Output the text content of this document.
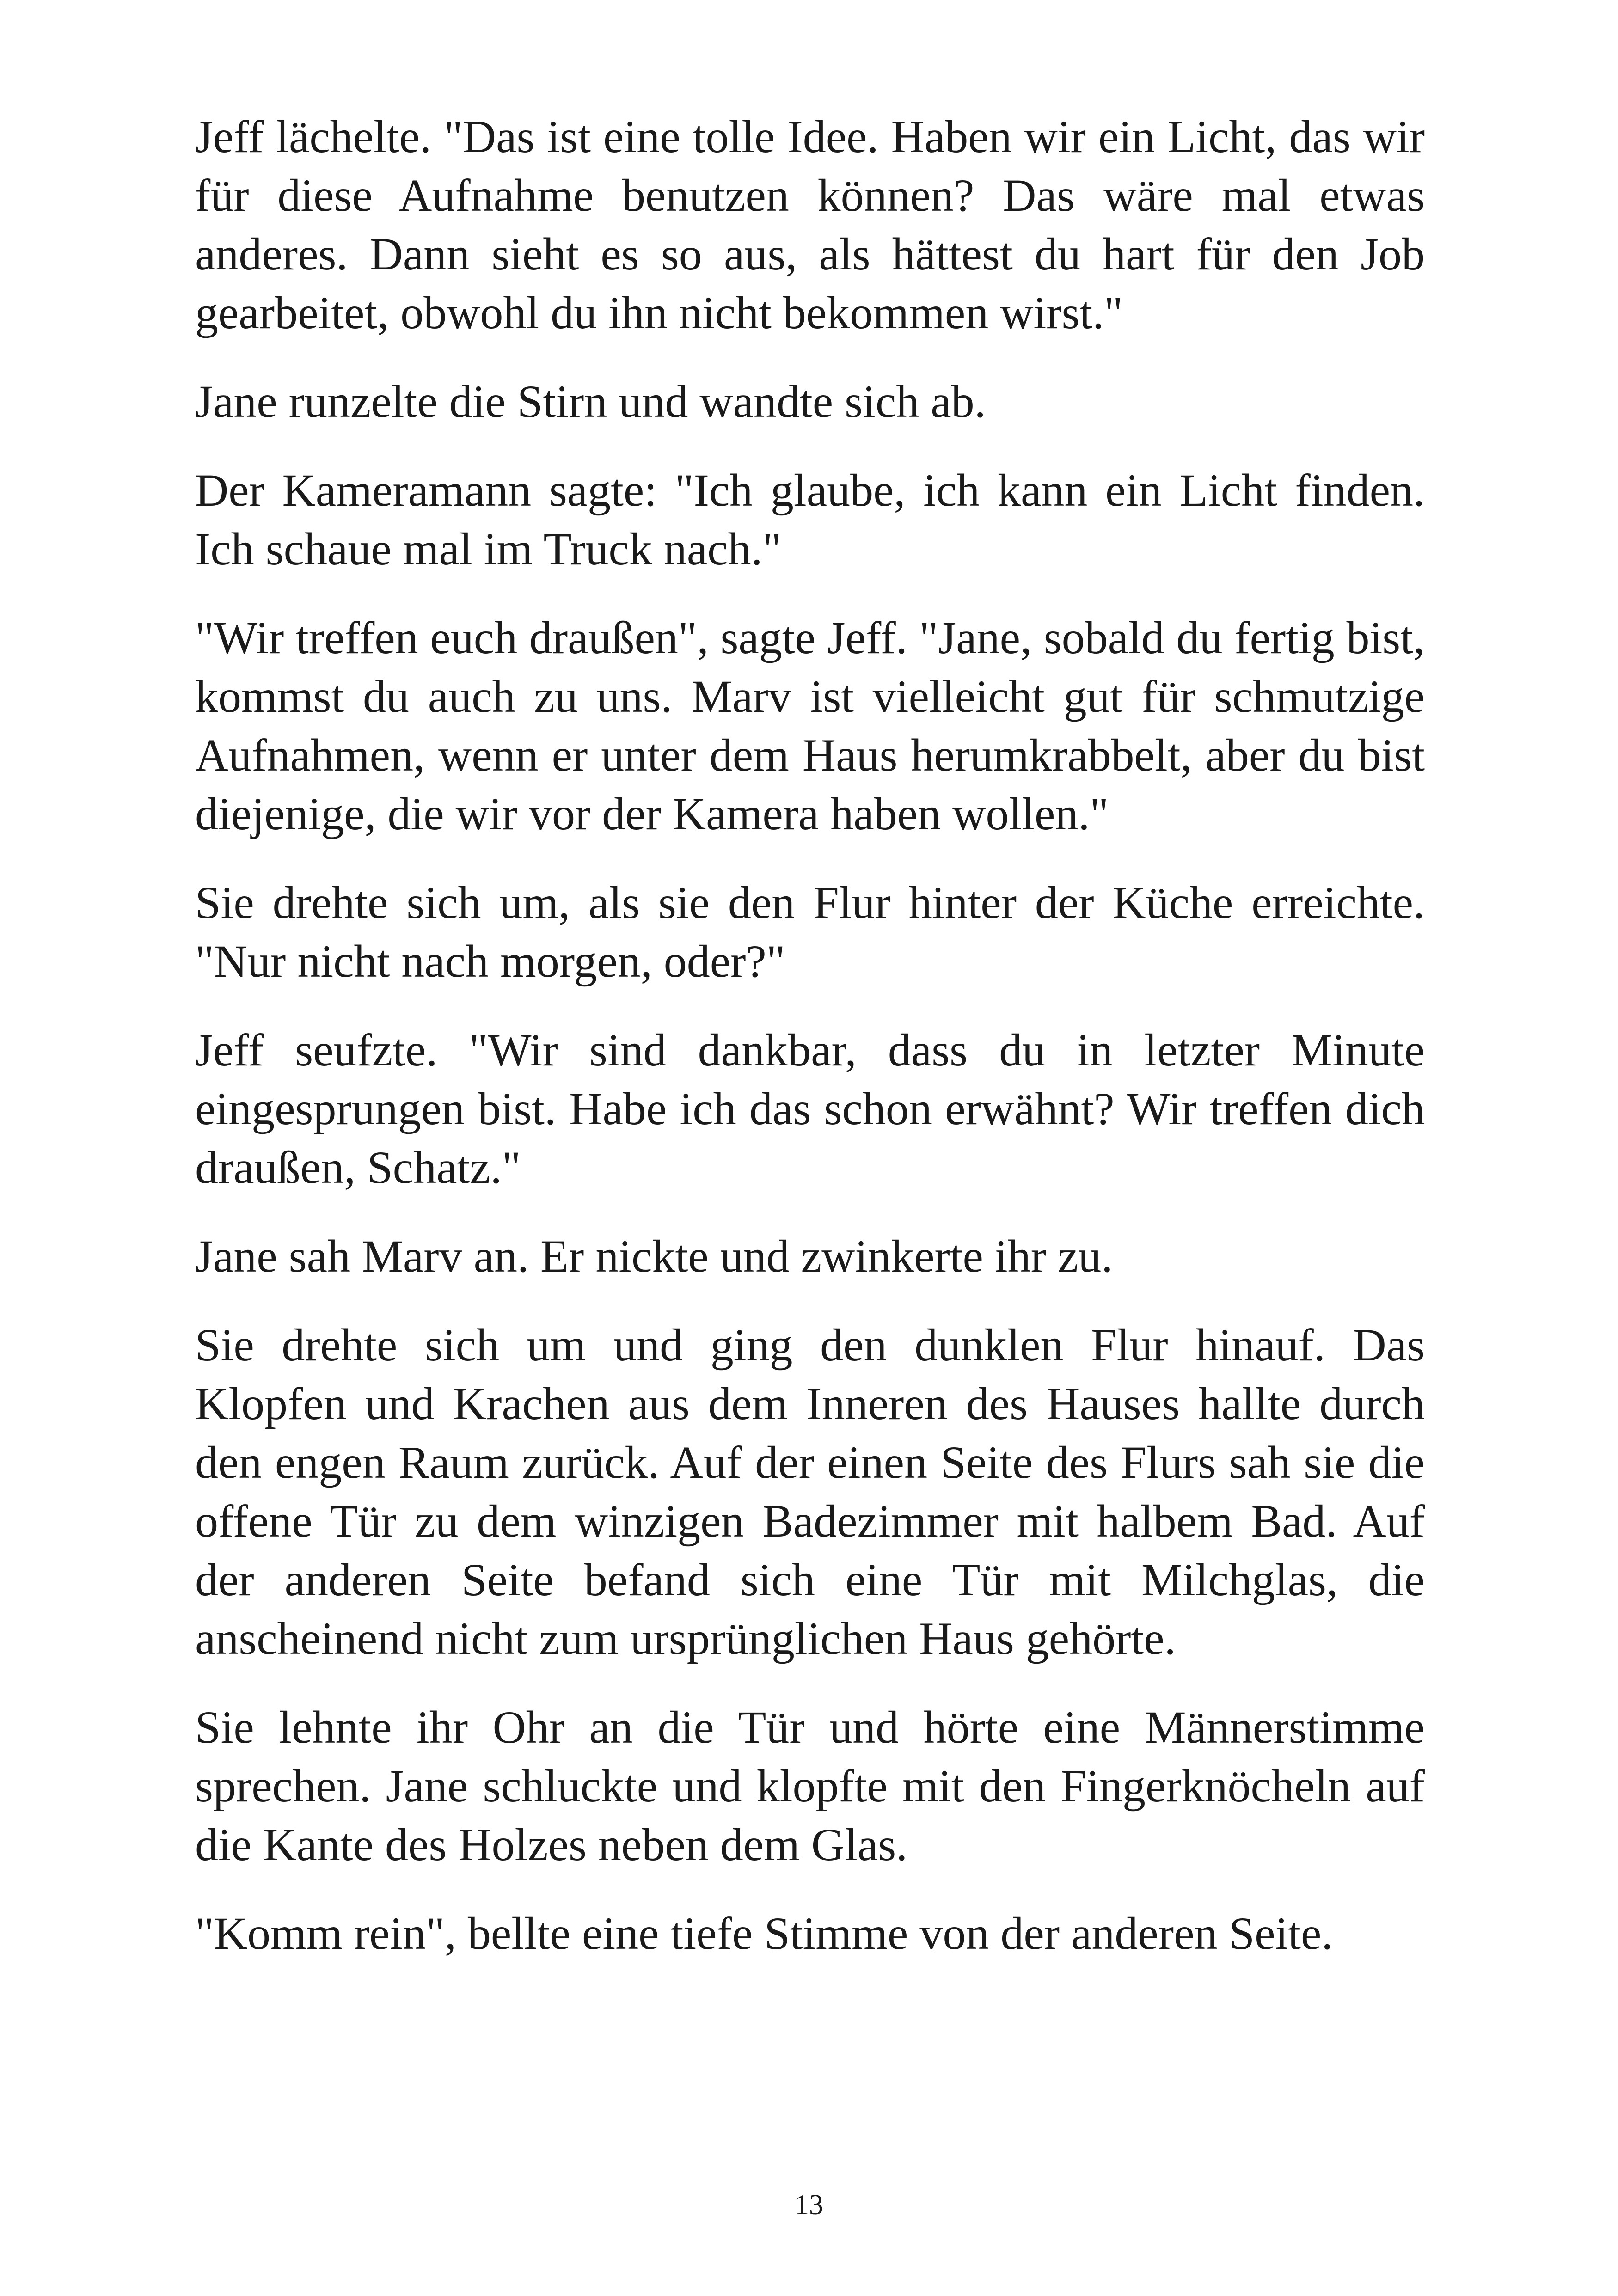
Jeff lächelte. "Das ist eine tolle Idee. Haben wir ein Licht, das wir für diese Aufnahme benutzen können? Das wäre mal etwas anderes. Dann sieht es so aus, als hättest du hart für den Job gearbeitet, obwohl du ihn nicht bekommen wirst."

Jane runzelte die Stirn und wandte sich ab.

Der Kameramann sagte: "Ich glaube, ich kann ein Licht finden. Ich schaue mal im Truck nach."

"Wir treffen euch draußen", sagte Jeff. "Jane, sobald du fertig bist, kommst du auch zu uns. Marv ist vielleicht gut für schmutzige Aufnahmen, wenn er unter dem Haus herumkrabbelt, aber du bist diejenige, die wir vor der Kamera haben wollen."

Sie drehte sich um, als sie den Flur hinter der Küche erreichte. "Nur nicht nach morgen, oder?"

Jeff seufzte. "Wir sind dankbar, dass du in letzter Minute eingesprungen bist. Habe ich das schon erwähnt? Wir treffen dich draußen, Schatz."

Jane sah Marv an. Er nickte und zwinkerte ihr zu.

Sie drehte sich um und ging den dunklen Flur hinauf. Das Klopfen und Krachen aus dem Inneren des Hauses hallte durch den engen Raum zurück. Auf der einen Seite des Flurs sah sie die offene Tür zu dem winzigen Badezimmer mit halbem Bad. Auf der anderen Seite befand sich eine Tür mit Milchglas, die anscheinend nicht zum ursprünglichen Haus gehörte.

Sie lehnte ihr Ohr an die Tür und hörte eine Männerstimme sprechen. Jane schluckte und klopfte mit den Fingerknöcheln auf die Kante des Holzes neben dem Glas.

"Komm rein", bellte eine tiefe Stimme von der anderen Seite.

13
